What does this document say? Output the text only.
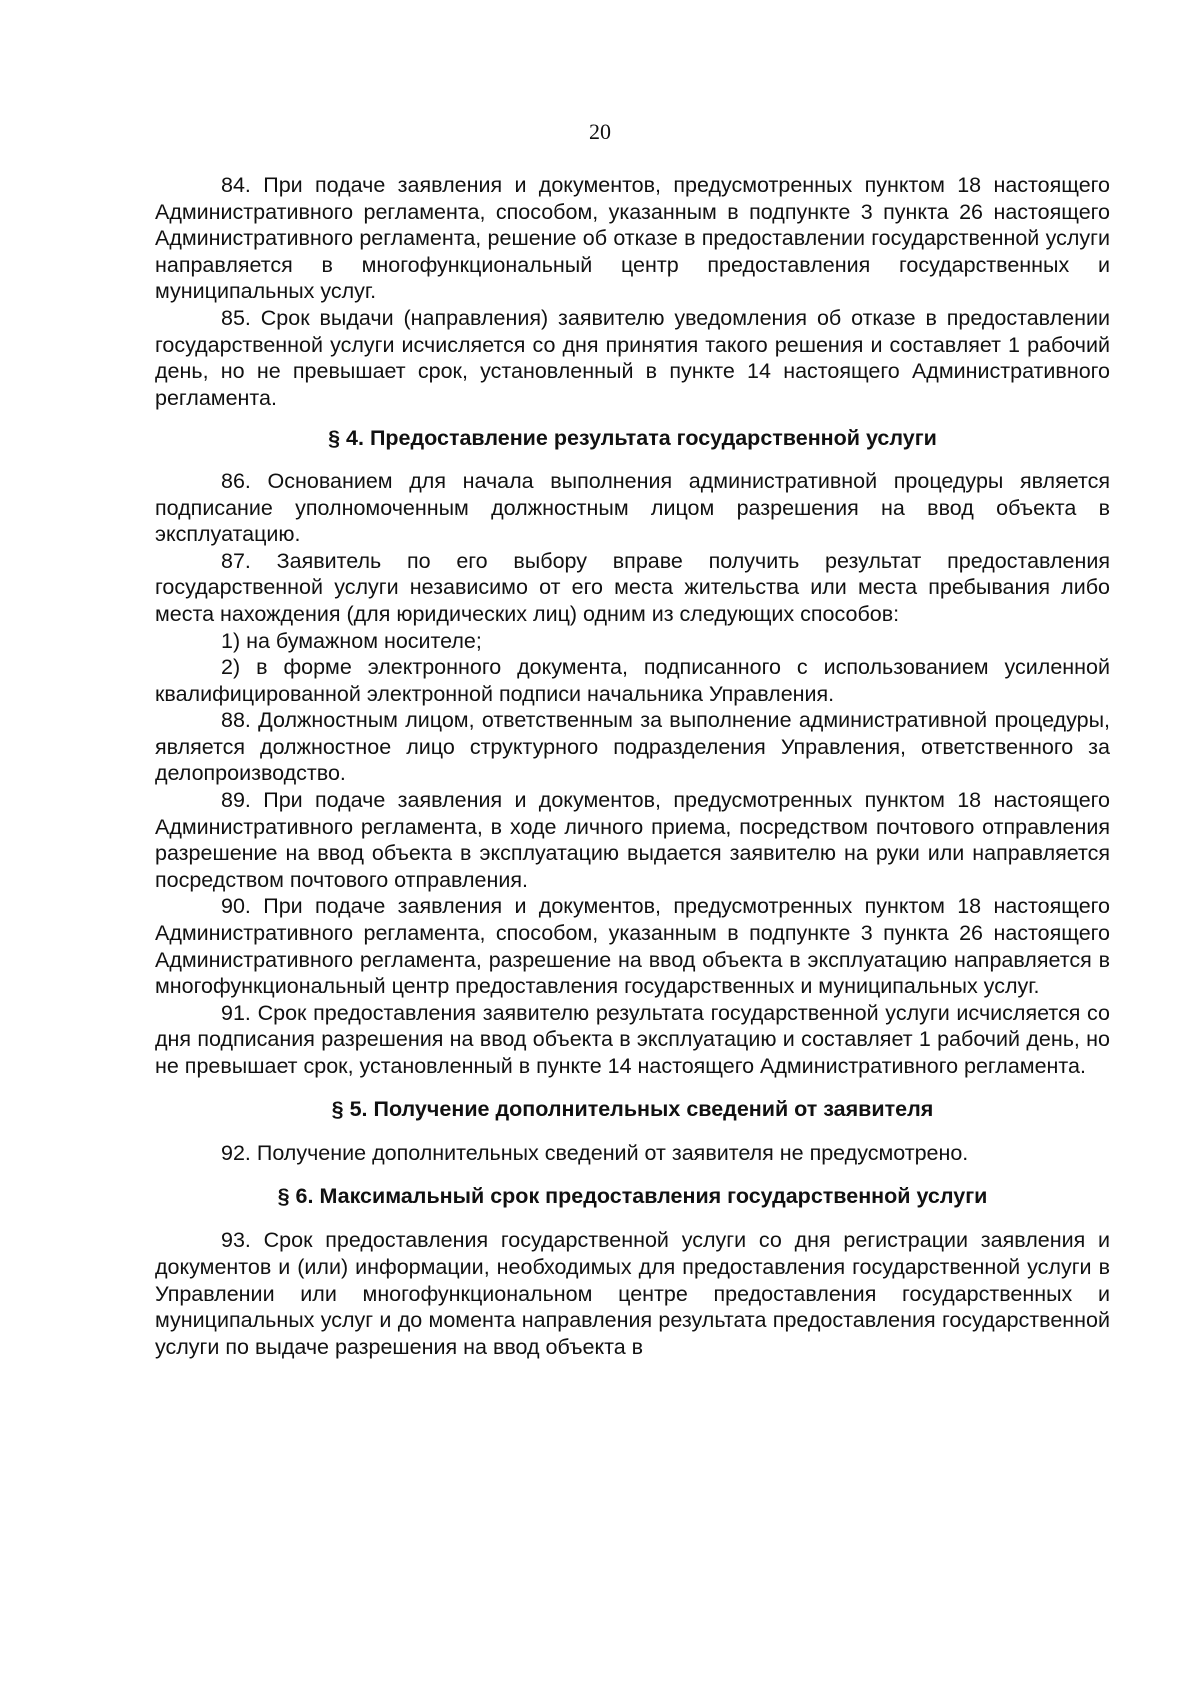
20

84. При подаче заявления и документов, предусмотренных пунктом 18 настоящего Административного регламента, способом, указанным в подпункте 3 пункта 26 настоящего Административного регламента, решение об отказе в предоставлении государственной услуги направляется в многофункциональный центр предоставления государственных и муниципальных услуг.

85. Срок выдачи (направления) заявителю уведомления об отказе в предоставлении государственной услуги исчисляется со дня принятия такого решения и составляет 1 рабочий день, но не превышает срок, установленный в пункте 14 настоящего Административного регламента.

§ 4. Предоставление результата государственной услуги

86. Основанием для начала выполнения административной процедуры является подписание уполномоченным должностным лицом разрешения на ввод объекта в эксплуатацию.

87. Заявитель по его выбору вправе получить результат предоставления государственной услуги независимо от его места жительства или места пребывания либо места нахождения (для юридических лиц) одним из следующих способов:

1) на бумажном носителе;

2) в форме электронного документа, подписанного с использованием усиленной квалифицированной электронной подписи начальника Управления.

88. Должностным лицом, ответственным за выполнение административной процедуры, является должностное лицо структурного подразделения Управления, ответственного за делопроизводство.

89. При подаче заявления и документов, предусмотренных пунктом 18 настоящего Административного регламента, в ходе личного приема, посредством почтового отправления разрешение на ввод объекта в эксплуатацию выдается заявителю на руки или направляется посредством почтового отправления.

90. При подаче заявления и документов, предусмотренных пунктом 18 настоящего Административного регламента, способом, указанным в подпункте 3 пункта 26 настоящего Административного регламента, разрешение на ввод объекта в эксплуатацию направляется в многофункциональный центр предоставления государственных и муниципальных услуг.

91. Срок предоставления заявителю результата государственной услуги исчисляется со дня подписания разрешения на ввод объекта в эксплуатацию и составляет 1 рабочий день, но не превышает срок, установленный в пункте 14 настоящего Административного регламента.

§ 5. Получение дополнительных сведений от заявителя

92. Получение дополнительных сведений от заявителя не предусмотрено.

§ 6. Максимальный срок предоставления государственной услуги

93. Срок предоставления государственной услуги со дня регистрации заявления и документов и (или) информации, необходимых для предоставления государственной услуги в Управлении или многофункциональном центре предоставления государственных и муниципальных услуг и до момента направления результата предоставления государственной услуги по выдаче разрешения на ввод объекта в
